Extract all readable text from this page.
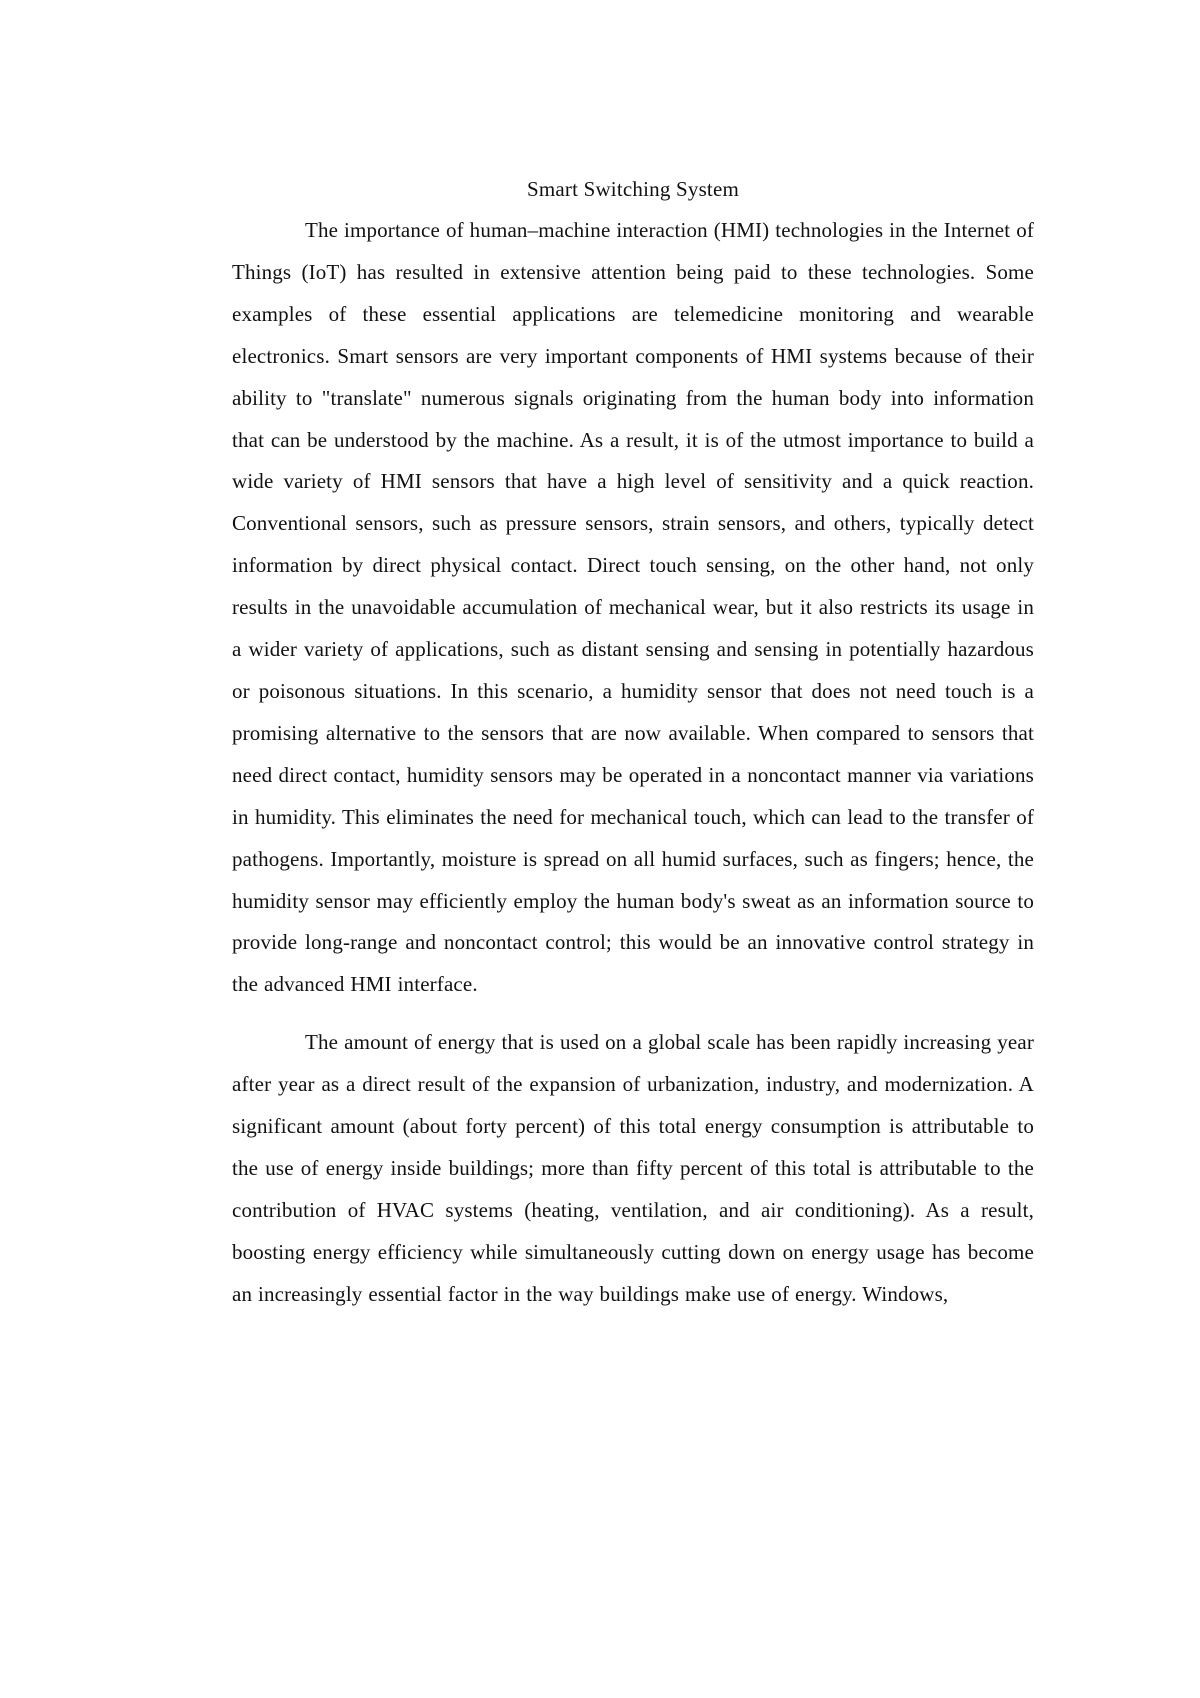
Smart Switching System

The importance of human–machine interaction (HMI) technologies in the Internet of Things (IoT) has resulted in extensive attention being paid to these technologies. Some examples of these essential applications are telemedicine monitoring and wearable electronics. Smart sensors are very important components of HMI systems because of their ability to "translate" numerous signals originating from the human body into information that can be understood by the machine. As a result, it is of the utmost importance to build a wide variety of HMI sensors that have a high level of sensitivity and a quick reaction. Conventional sensors, such as pressure sensors, strain sensors, and others, typically detect information by direct physical contact. Direct touch sensing, on the other hand, not only results in the unavoidable accumulation of mechanical wear, but it also restricts its usage in a wider variety of applications, such as distant sensing and sensing in potentially hazardous or poisonous situations. In this scenario, a humidity sensor that does not need touch is a promising alternative to the sensors that are now available. When compared to sensors that need direct contact, humidity sensors may be operated in a noncontact manner via variations in humidity. This eliminates the need for mechanical touch, which can lead to the transfer of pathogens. Importantly, moisture is spread on all humid surfaces, such as fingers; hence, the humidity sensor may efficiently employ the human body's sweat as an information source to provide long-range and noncontact control; this would be an innovative control strategy in the advanced HMI interface.

The amount of energy that is used on a global scale has been rapidly increasing year after year as a direct result of the expansion of urbanization, industry, and modernization. A significant amount (about forty percent) of this total energy consumption is attributable to the use of energy inside buildings; more than fifty percent of this total is attributable to the contribution of HVAC systems (heating, ventilation, and air conditioning). As a result, boosting energy efficiency while simultaneously cutting down on energy usage has become an increasingly essential factor in the way buildings make use of energy. Windows,
